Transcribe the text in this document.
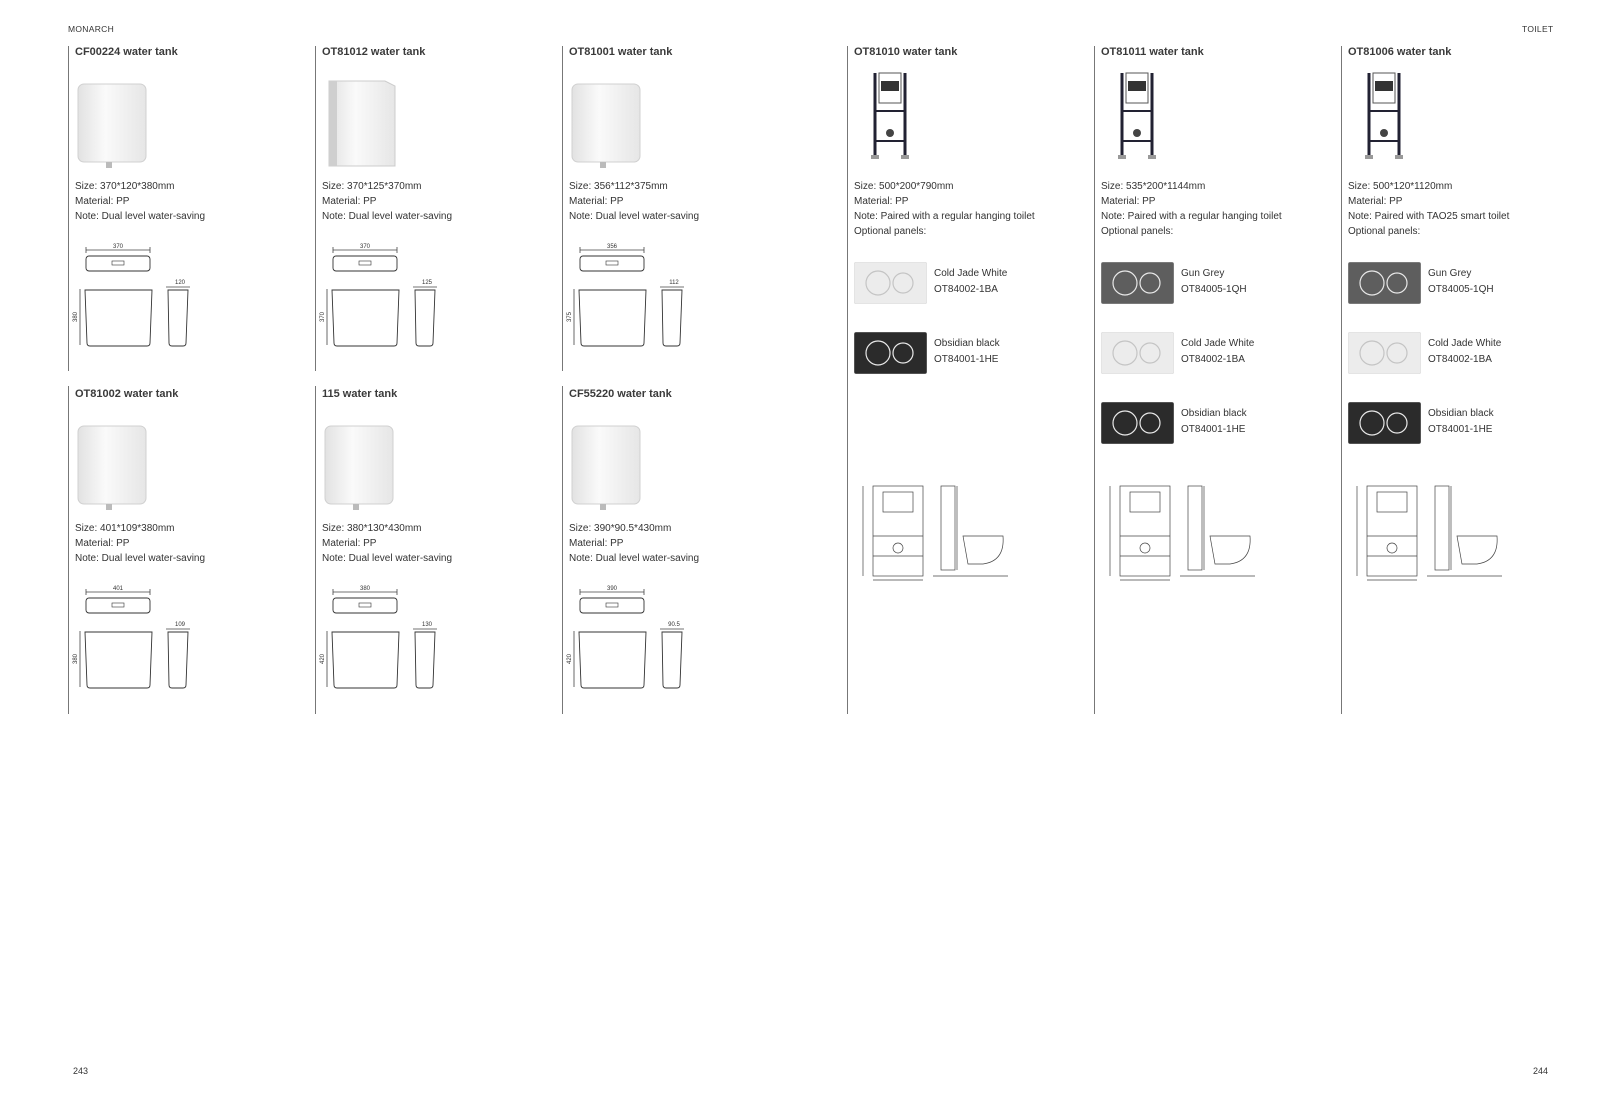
MONARCH	TOILET
CF00224 water tank
Size: 370*120*380mm
Material: PP
Note: Dual level water-saving
370
380
120
OT81012 water tank
Size: 370*125*370mm
Material: PP
Note: Dual level water-saving
370
370
125
OT81001 water tank
Size: 356*112*375mm
Material: PP
Note: Dual level water-saving
356
375
112
OT81002 water tank
Size: 401*109*380mm
Material: PP
Note: Dual level water-saving
401
380
109
115 water tank
Size: 380*130*430mm
Material: PP
Note: Dual level water-saving
380
420
130
CF55220 water tank
Size: 390*90.5*430mm
Material: PP
Note: Dual level water-saving
390
420
90.5
OT81010 water tank
Size: 500*200*790mm
Material: PP
Note: Paired with a regular hanging toilet
Optional panels:
Cold Jade White
OT84002-1BA
Obsidian black
OT84001-1HE
OT81011 water tank
Size: 535*200*1144mm
Material: PP
Note: Paired with a regular hanging toilet
Optional panels:
Gun Grey
OT84005-1QH
Cold Jade White
OT84002-1BA
Obsidian black
OT84001-1HE
OT81006 water tank
Size: 500*120*1120mm
Material: PP
Note: Paired with TAO25 smart toilet
Optional panels:
Gun Grey
OT84005-1QH
Cold Jade White
OT84002-1BA
Obsidian black
OT84001-1HE
243	244
